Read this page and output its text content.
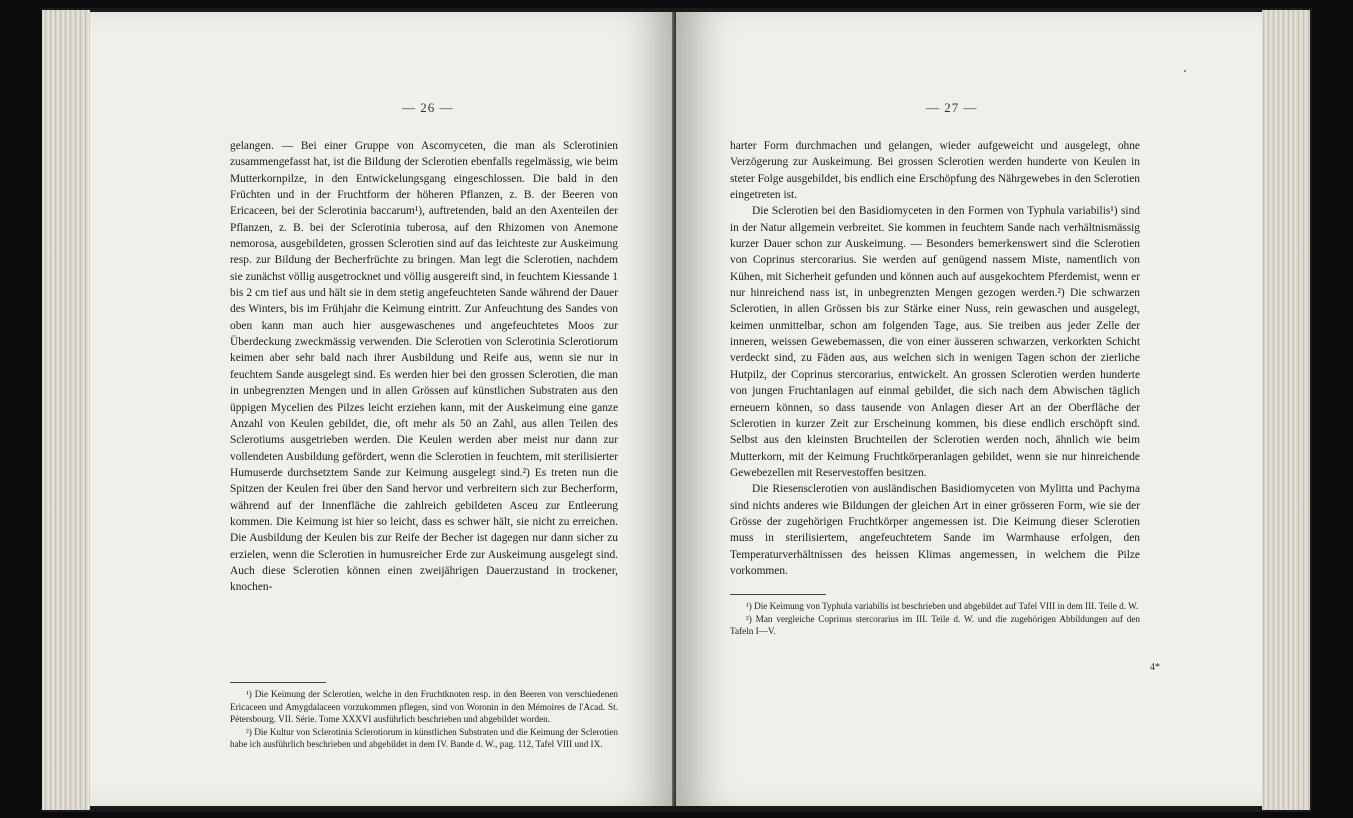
— 26 —

gelangen. — Bei einer Gruppe von Ascomyceten, die man als Sclerotinien zusammengefasst hat, ist die Bildung der Sclerotien ebenfalls regelmässig, wie beim Mutterkornpilze, in den Entwickelungsgang eingeschlossen. Die bald in den Früchten und in der Fruchtform der höheren Pflanzen, z. B. der Beeren von Ericaceen, bei der Sclerotinia baccarum¹), auftretenden, bald an den Axenteilen der Pflanzen, z. B. bei der Sclerotinia tuberosa, auf den Rhizomen von Anemone nemorosa, ausgebildeten, grossen Sclerotien sind auf das leichteste zur Auskeimung resp. zur Bildung der Becherfrüchte zu bringen. Man legt die Sclerotien, nachdem sie zunächst völlig ausgetrocknet und völlig ausgereift sind, in feuchtem Kiessande 1 bis 2 cm tief aus und hält sie in dem stetig angefeuchteten Sande während der Dauer des Winters, bis im Frühjahr die Keimung eintritt. Zur Anfeuchtung des Sandes von oben kann man auch hier ausgewaschenes und angefeuchtetes Moos zur Überdeckung zweckmässig verwenden. Die Sclerotien von Sclerotinia Sclerotiorum keimen aber sehr bald nach ihrer Ausbildung und Reife aus, wenn sie nur in feuchtem Sande ausgelegt sind. Es werden hier bei den grossen Sclerotien, die man in unbegrenzten Mengen und in allen Grössen auf künstlichen Substraten aus den üppigen Mycelien des Pilzes leicht erziehen kann, mit der Auskeimung eine ganze Anzahl von Keulen gebildet, die, oft mehr als 50 an Zahl, aus allen Teilen des Sclerotiums ausgetrieben werden. Die Keulen werden aber meist nur dann zur vollendeten Ausbildung gefördert, wenn die Sclerotien in feuchtem, mit sterilisierter Humuserde durchsetztem Sande zur Keimung ausgelegt sind.²) Es treten nun die Spitzen der Keulen frei über den Sand hervor und verbreitern sich zur Becherform, während auf der Innenfläche die zahlreich gebildeten Asceu zur Entleerung kommen. Die Keimung ist hier so leicht, dass es schwer hält, sie nicht zu erreichen. Die Ausbildung der Keulen bis zur Reife der Becher ist dagegen nur dann sicher zu erzielen, wenn die Sclerotien in humusreicher Erde zur Auskeimung ausgelegt sind. Auch diese Sclerotien können einen zweijährigen Dauerzustand in trockener, knochen-

¹) Die Keimung der Sclerotien, welche in den Fruchtknoten resp. in den Beeren von verschiedenen Ericaceen und Amygdalaceen vorzukommen pflegen, sind von Woronin in den Mémoires de l'Acad. St. Pétersbourg. VII. Série. Tome XXXVI ausführlich beschrieben und abgebildet worden.

²) Die Kultur von Sclerotinia Sclerotiorum in künstlichen Substraten und die Keimung der Sclerotien habe ich ausführlich beschrieben und abgebildet in dem IV. Bande d. W., pag. 112, Tafel VIII und IX.

— 27 —

harter Form durchmachen und gelangen, wieder aufgeweicht und ausgelegt, ohne Verzögerung zur Auskeimung. Bei grossen Sclerotien werden hunderte von Keulen in steter Folge ausgebildet, bis endlich eine Erschöpfung des Nährgewebes in den Sclerotien eingetreten ist.

Die Sclerotien bei den Basidiomyceten in den Formen von Typhula variabilis¹) sind in der Natur allgemein verbreitet. Sie kommen in feuchtem Sande nach verhältnismässig kurzer Dauer schon zur Auskeimung. — Besonders bemerkenswert sind die Sclerotien von Coprinus stercorarius. Sie werden auf genügend nassem Miste, namentlich von Kühen, mit Sicherheit gefunden und können auch auf ausgekochtem Pferdemist, wenn er nur hinreichend nass ist, in unbegrenzten Mengen gezogen werden.²) Die schwarzen Sclerotien, in allen Grössen bis zur Stärke einer Nuss, rein gewaschen und ausgelegt, keimen unmittelbar, schon am folgenden Tage, aus. Sie treiben aus jeder Zelle der inneren, weissen Gewebemassen, die von einer äusseren schwarzen, verkorkten Schicht verdeckt sind, zu Fäden aus, aus welchen sich in wenigen Tagen schon der zierliche Hutpilz, der Coprinus stercorarius, entwickelt. An grossen Sclerotien werden hunderte von jungen Fruchtanlagen auf einmal gebildet, die sich nach dem Abwischen täglich erneuern können, so dass tausende von Anlagen dieser Art an der Oberfläche der Sclerotien in kurzer Zeit zur Erscheinung kommen, bis diese endlich erschöpft sind. Selbst aus den kleinsten Bruchteilen der Sclerotien werden noch, ähnlich wie beim Mutterkorn, mit der Keimung Fruchtkörperanlagen gebildet, wenn sie nur hinreichende Gewebezellen mit Reservestoffen besitzen.

Die Riesensclerotien von ausländischen Basidiomyceten von Mylitta und Pachyma sind nichts anderes wie Bildungen der gleichen Art in einer grösseren Form, wie sie der Grösse der zugehörigen Fruchtkörper angemessen ist. Die Keimung dieser Sclerotien muss in sterilisiertem, angefeuchtetem Sande im Warmhause erfolgen, den Temperaturverhältnissen des heissen Klimas angemessen, in welchem die Pilze vorkommen.

¹) Die Keimung von Typhula variabilis ist beschrieben und abgebildet auf Tafel VIII in dem III. Teile d. W.

²) Man vergleiche Coprinus stercorarius im III. Teile d. W. und die zugehörigen Abbildungen auf den Tafeln I—V.

4*
